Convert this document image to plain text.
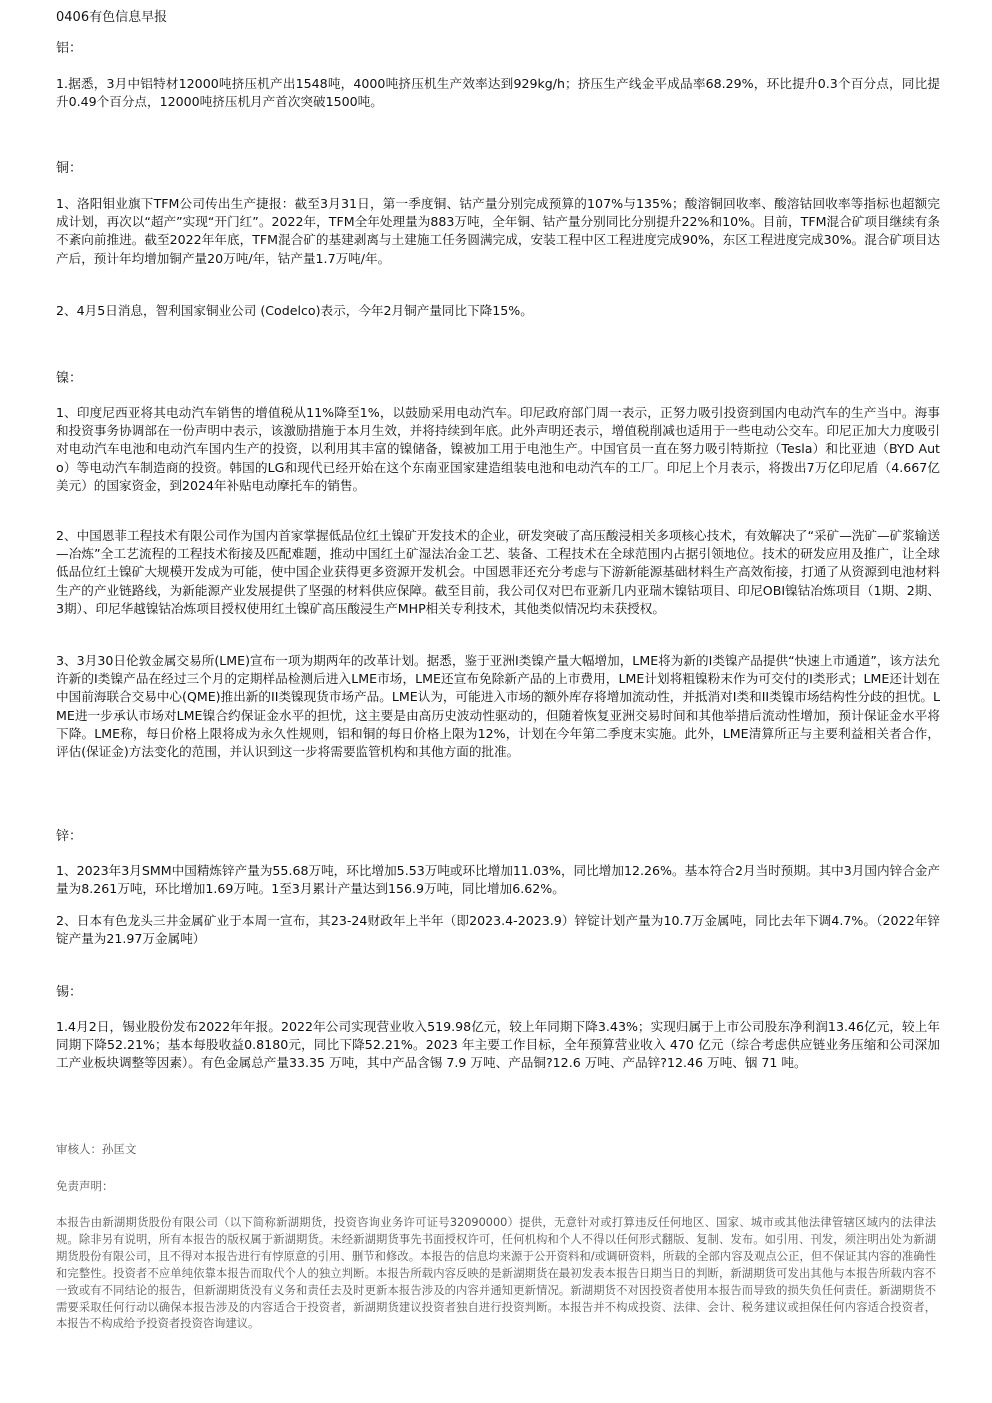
0406有色信息早报
铝：
1.据悉，3月中铝特材12000吨挤压机产出1548吨，4000吨挤压机生产效率达到929kg/h；挤压生产线金平成品率68.29%，环比提升0.3个百分点，同比提升0.49个百分点，12000吨挤压机月产首次突破1500吨。
铜：
1、洛阳钼业旗下TFM公司传出生产捷报：截至3月31日，第一季度铜、钴产量分别完成预算的107%与135%；酸溶铜回收率、酸溶钴回收率等指标也超额完成计划，再次以“超产”实现“开门红”。2022年，TFM全年处理量为883万吨，全年铜、钴产量分别同比分别提升22%和10%。目前，TFM混合矿项目继续有条不紊向前推进。截至2022年年底，TFM混合矿的基建剥离与土建施工任务圆满完成，安装工程中区工程进度完成90%，东区工程进度完成30%。混合矿项目达产后，预计年均增加铜产量20万吨/年，钴产量1.7万吨/年。
2、4月5日消息，智利国家铜业公司 (Codelco)表示，今年2月铜产量同比下降15%。
镍：
1、印度尼西亚将其电动汽车销售的增值税从11%降至1%，以鼓励采用电动汽车。印尼政府部门周一表示，正努力吸引投资到国内电动汽车的生产当中。海事和投资事务协调部在一份声明中表示，该激励措施于本月生效，并将持续到年底。此外声明还表示，增值税削减也适用于一些电动公交车。印尼正加大力度吸引对电动汽车电池和电动汽车国内生产的投资，以利用其丰富的镍储备，镍被加工用于电池生产。中国官员一直在努力吸引特斯拉（Tesla）和比亚迪（BYD Auto）等电动汽车制造商的投资。韩国的LG和现代已经开始在这个东南亚国家建造组装电池和电动汽车的工厂。印尼上个月表示，将拨出7万亿印尼盾（4.667亿美元）的国家资金，到2024年补贴电动摩托车的销售。
2、中国恩菲工程技术有限公司作为国内首家掌握低品位红土镍矿开发技术的企业，研发突破了高压酸浸相关多项核心技术，有效解决了“采矿—洗矿—矿浆输送—冶炼”全工艺流程的工程技术衔接及匹配难题，推动中国红土矿湿法冶金工艺、装备、工程技术在全球范围内占据引领地位。技术的研发应用及推广，让全球低品位红土镍矿大规模开发成为可能，使中国企业获得更多资源开发机会。中国恩菲还充分考虑与下游新能源基础材料生产高效衔接，打通了从资源到电池材料生产的产业链路线，为新能源产业发展提供了坚强的材料供应保障。截至目前，我公司仅对巴布亚新几内亚瑞木镍钴项目、印尼OBI镍钴冶炼项目（1期、2期、3期）、印尼华越镍钴冶炼项目授权使用红土镍矿高压酸浸生产MHP相关专利技术，其他类似情况均未获授权。
3、3月30日伦敦金属交易所(LME)宣布一项为期两年的改革计划。据悉，鉴于亚洲I类镍产量大幅增加，LME将为新的I类镍产品提供“快速上市通道”，该方法允许新的I类镍产品在经过三个月的定期样品检测后进入LME市场，LME还宣布免除新产品的上市费用，LME计划将粗镍粉末作为可交付的I类形式；LME还计划在中国前海联合交易中心(QME)推出新的II类镍现货市场产品。LME认为，可能进入市场的额外库存将增加流动性，并抵消对I类和II类镍市场结构性分歧的担忧。LME进一步承认市场对LME镍合约保证金水平的担忧，这主要是由高历史波动性驱动的，但随着恢复亚洲交易时间和其他举措后流动性增加，预计保证金水平将下降。LME称，每日价格上限将成为永久性规则，铝和铜的每日价格上限为12%，计划在今年第二季度末实施。此外，LME清算所正与主要利益相关者合作，评估(保证金)方法变化的范围，并认识到这一步将需要监管机构和其他方面的批准。
锌：
1、2023年3月SMM中国精炼锌产量为55.68万吨，环比增加5.53万吨或环比增加11.03%，同比增加12.26%。基本符合2月当时预期。其中3月国内锌合金产量为8.261万吨，环比增加1.69万吨。1至3月累计产量达到156.9万吨，同比增加6.62%。
2、日本有色龙头三井金属矿业于本周一宣布，其23-24财政年上半年（即2023.4-2023.9）锌锭计划产量为10.7万金属吨，同比去年下调4.7%。（2022年锌锭产量为21.97万金属吨）
锡：
1.4月2日，锡业股份发布2022年年报。2022年公司实现营业收入519.98亿元，较上年同期下降3.43%；实现归属于上市公司股东净利润13.46亿元，较上年同期下降52.21%；基本每股收益0.8180元，同比下降52.21%。2023 年主要工作目标，全年预算营业收入 470 亿元（综合考虑供应链业务压缩和公司深加工产业板块调整等因素）。有色金属总产量33.35 万吨，其中产品含锡 7.9 万吨、产品铜?12.6 万吨、产品锌?12.46 万吨、铟 71 吨。
审核人：孙匡文
免责声明：
本报告由新湖期货股份有限公司（以下简称新湖期货，投资咨询业务许可证号32090000）提供，无意针对或打算违反任何地区、国家、城市或其他法律管辖区域内的法律法规。除非另有说明，所有本报告的版权属于新湖期货。未经新湖期货事先书面授权许可，任何机构和个人不得以任何形式翻版、复制、发布。如引用、刊发，须注明出处为新湖期货股份有限公司，且不得对本报告进行有悖原意的引用、删节和修改。本报告的信息均来源于公开资料和/或调研资料，所载的全部内容及观点公正，但不保证其内容的准确性和完整性。投资者不应单纯依靠本报告而取代个人的独立判断。本报告所载内容反映的是新湖期货在最初发表本报告日期当日的判断，新湖期货可发出其他与本报告所载内容不一致或有不同结论的报告，但新湖期货没有义务和责任去及时更新本报告涉及的内容并通知更新情况。新湖期货不对因投资者使用本报告而导致的损失负任何责任。新湖期货不需要采取任何行动以确保本报告涉及的内容适合于投资者，新湖期货建议投资者独自进行投资判断。本报告并不构成投资、法律、会计、税务建议或担保任何内容适合投资者，本报告不构成给予投资者投资咨询建议。
